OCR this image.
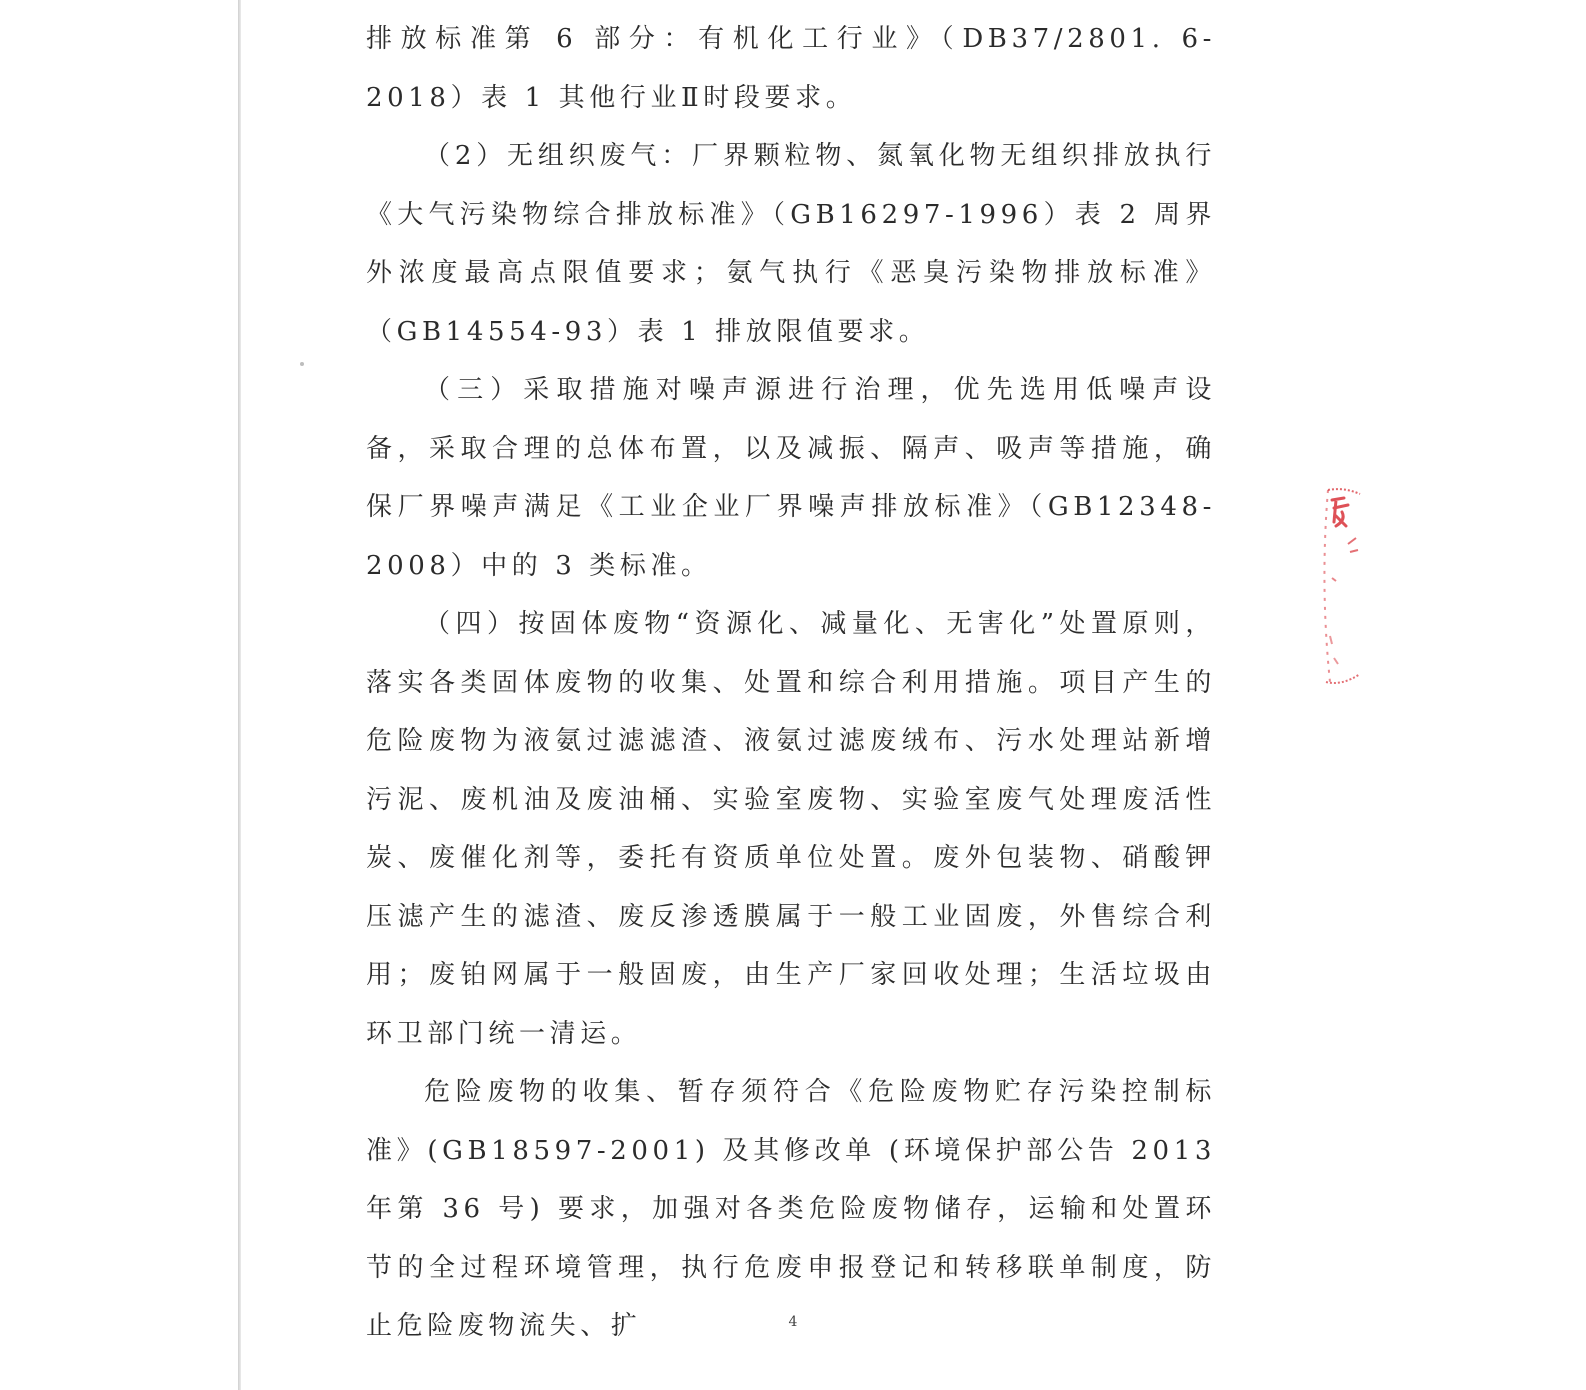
排放标准第 6 部分：有机化工行业》（DB37/2801. 6-2018）表 1 其他行业Ⅱ时段要求。

（2）无组织废气：厂界颗粒物、氮氧化物无组织排放执行《大气污染物综合排放标准》（GB16297-1996）表 2 周界外浓度最高点限值要求；氨气执行《恶臭污染物排放标准》（GB14554-93）表 1 排放限值要求。

（三）采取措施对噪声源进行治理，优先选用低噪声设备，采取合理的总体布置，以及减振、隔声、吸声等措施，确保厂界噪声满足《工业企业厂界噪声排放标准》（GB12348-2008）中的 3 类标准。

（四）按固体废物“资源化、减量化、无害化”处置原则，落实各类固体废物的收集、处置和综合利用措施。项目产生的危险废物为液氨过滤滤渣、液氨过滤废绒布、污水处理站新增污泥、废机油及废油桶、实验室废物、实验室废气处理废活性炭、废催化剂等，委托有资质单位处置。废外包装物、硝酸钾压滤产生的滤渣、废反渗透膜属于一般工业固废，外售综合利用；废铂网属于一般固废，由生产厂家回收处理；生活垃圾由环卫部门统一清运。

危险废物的收集、暂存须符合《危险废物贮存污染控制标准》(GB18597-2001) 及其修改单 (环境保护部公告 2013 年第 36 号) 要求，加强对各类危险废物储存，运输和处置环节的全过程环境管理，执行危废申报登记和转移联单制度，防止危险废物流失、扩	4
